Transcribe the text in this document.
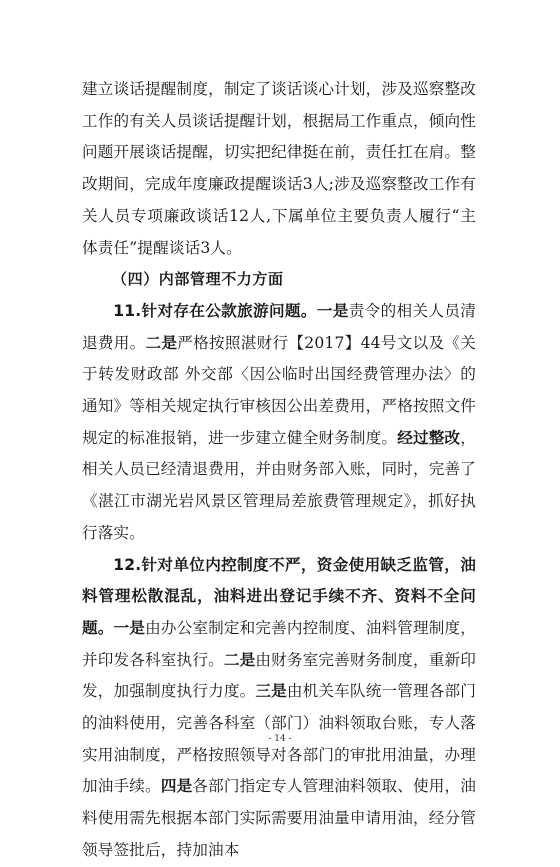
建立谈话提醒制度，制定了谈话谈心计划，涉及巡察整改工作的有关人员谈话提醒计划，根据局工作重点，倾向性问题开展谈话提醒，切实把纪律挺在前，责任扛在肩。整改期间，完成年度廉政提醒谈话3人;涉及巡察整改工作有关人员专项廉政谈话12人,下属单位主要负责人履行“主体责任”提醒谈话3人。

（四）内部管理不力方面

11.针对存在公款旅游问题。一是责令的相关人员清退费用。二是严格按照湛财行【2017】44号文以及《关于转发财政部 外交部〈因公临时出国经费管理办法〉的通知》等相关规定执行审核因公出差费用，严格按照文件规定的标准报销，进一步建立健全财务制度。经过整改，相关人员已经清退费用，并由财务部入账，同时，完善了《湛江市湖光岩风景区管理局差旅费管理规定》，抓好执行落实。

12.针对单位内控制度不严，资金使用缺乏监管，油料管理松散混乱，油料进出登记手续不齐、资料不全问题。一是由办公室制定和完善内控制度、油料管理制度，并印发各科室执行。二是由财务室完善财务制度，重新印发，加强制度执行力度。三是由机关车队统一管理各部门的油料使用，完善各科室（部门）油料领取台账，专人落实用油制度，严格按照领导对各部门的审批用油量，办理加油手续。四是各部门指定专人管理油料领取、使用，油料使用需先根据本部门实际需要用油量申请用油，经分管领导签批后，持加油本

- 14 -
